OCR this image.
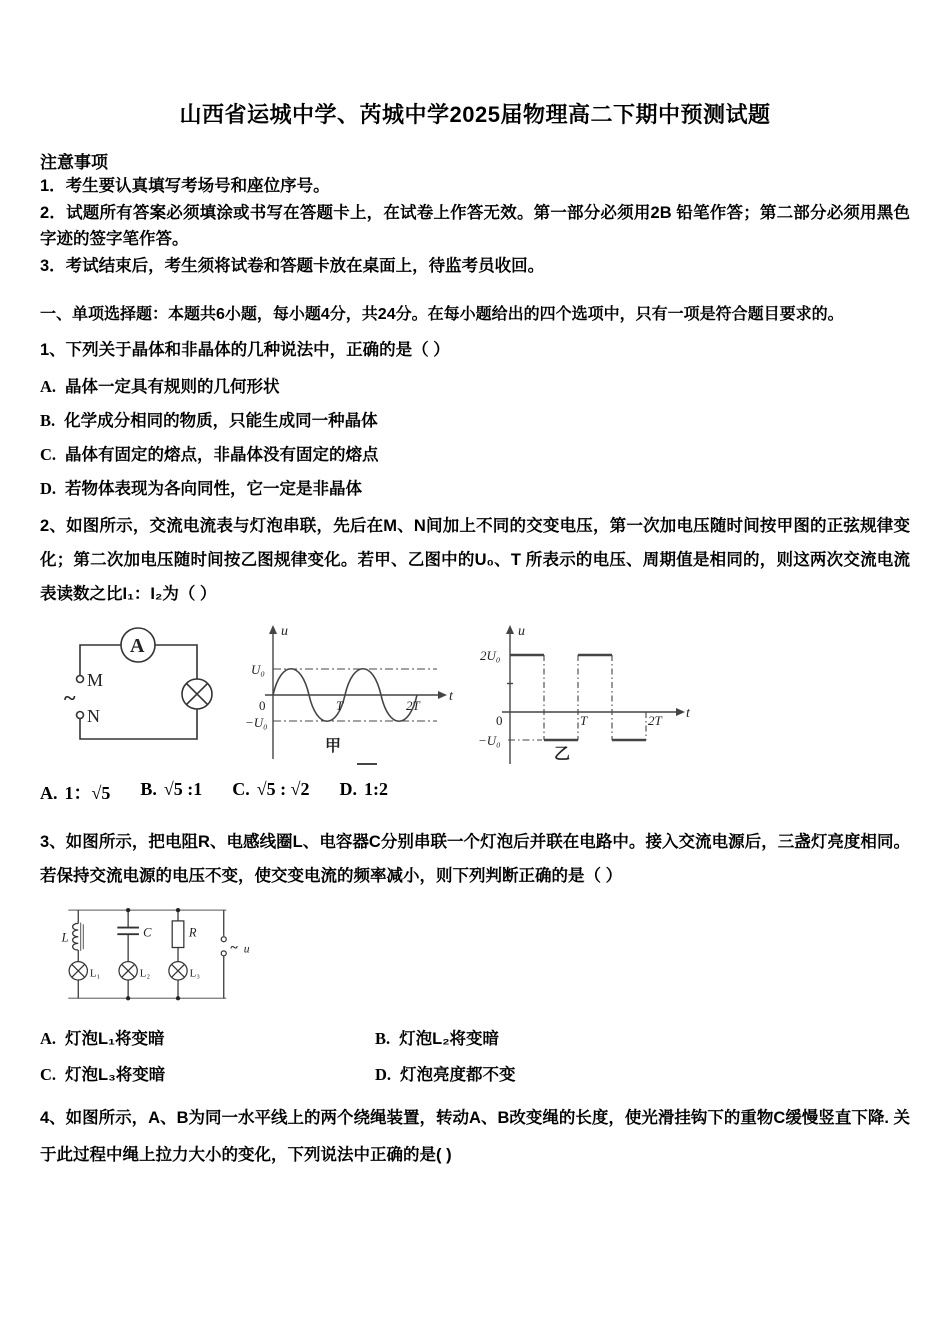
山西省运城中学、芮城中学2025届物理高二下期中预测试题
注意事项
1．考生要认真填写考场号和座位序号。
2．试题所有答案必须填涂或书写在答题卡上，在试卷上作答无效。第一部分必须用2B 铅笔作答；第二部分必须用黑色字迹的签字笔作答。
3．考试结束后，考生须将试卷和答题卡放在桌面上，待监考员收回。
一、单项选择题：本题共6小题，每小题4分，共24分。在每小题给出的四个选项中，只有一项是符合题目要求的。
1、下列关于晶体和非晶体的几种说法中，正确的是（ ）
A. 晶体一定具有规则的几何形状
B. 化学成分相同的物质，只能生成同一种晶体
C. 晶体有固定的熔点，非晶体没有固定的熔点
D. 若物体表现为各向同性，它一定是非晶体
2、如图所示，交流电流表与灯泡串联，先后在M、N间加上不同的交变电压，第一次加电压随时间按甲图的正弦规律变化；第二次加电压随时间按乙图规律变化。若甲、乙图中的U₀、T 所表示的电压、周期值是相同的，则这两次交流电流表读数之比I₁：I₂为（ ）
A
M
N
~
u
t
U₀
0
−U₀
T	2T
甲
u
t
2U₀
0
−U₀
T	2T
乙
A. 1：√5 B. √5 :1 C. √5 : √2 D. 1:2
3、如图所示，把电阻R、电感线圈L、电容器C分别串联一个灯泡后并联在电路中。接入交流电源后，三盏灯亮度相同。若保持交流电源的电压不变，使交变电流的频率减小，则下列判断正确的是（ ）
L	C R
L₁	L₂	L₃
~ u
A. 灯泡L₁将变暗	B. 灯泡L₂将变暗
C. 灯泡L₃将变暗	D. 灯泡亮度都不变
4、如图所示，A、B为同一水平线上的两个绕绳装置，转动A、B改变绳的长度，使光滑挂钩下的重物C缓慢竖直下降. 关于此过程中绳上拉力大小的变化，下列说法中正确的是( )
